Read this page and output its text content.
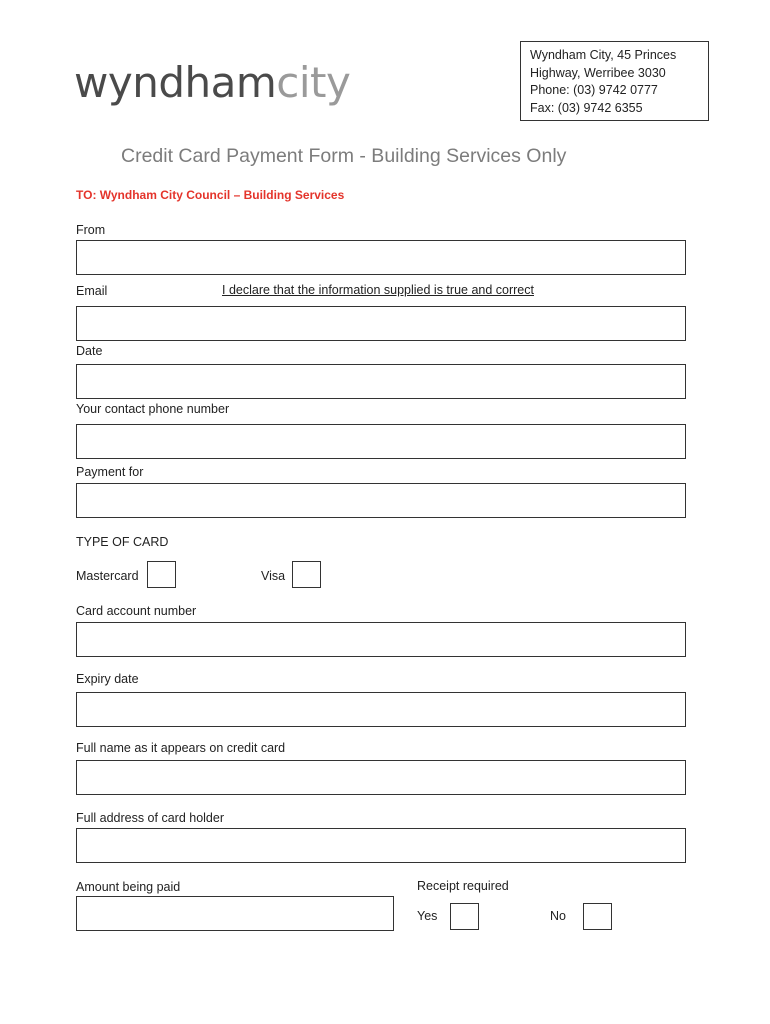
wyndhamcity
Wyndham City, 45 Princes
Highway, Werribee 3030
Phone: (03) 9742 0777
Fax: (03) 9742 6355
Credit Card Payment Form - Building Services Only
TO: Wyndham City Council – Building Services
From
Email	I declare that the information supplied is true and correct
Date
Your contact phone number
Payment for
TYPE OF CARD
Mastercard	Visa
Card account number
Expiry date
Full name as it appears on credit card
Full address of card holder
Amount being paid	Receipt required
Yes	No
